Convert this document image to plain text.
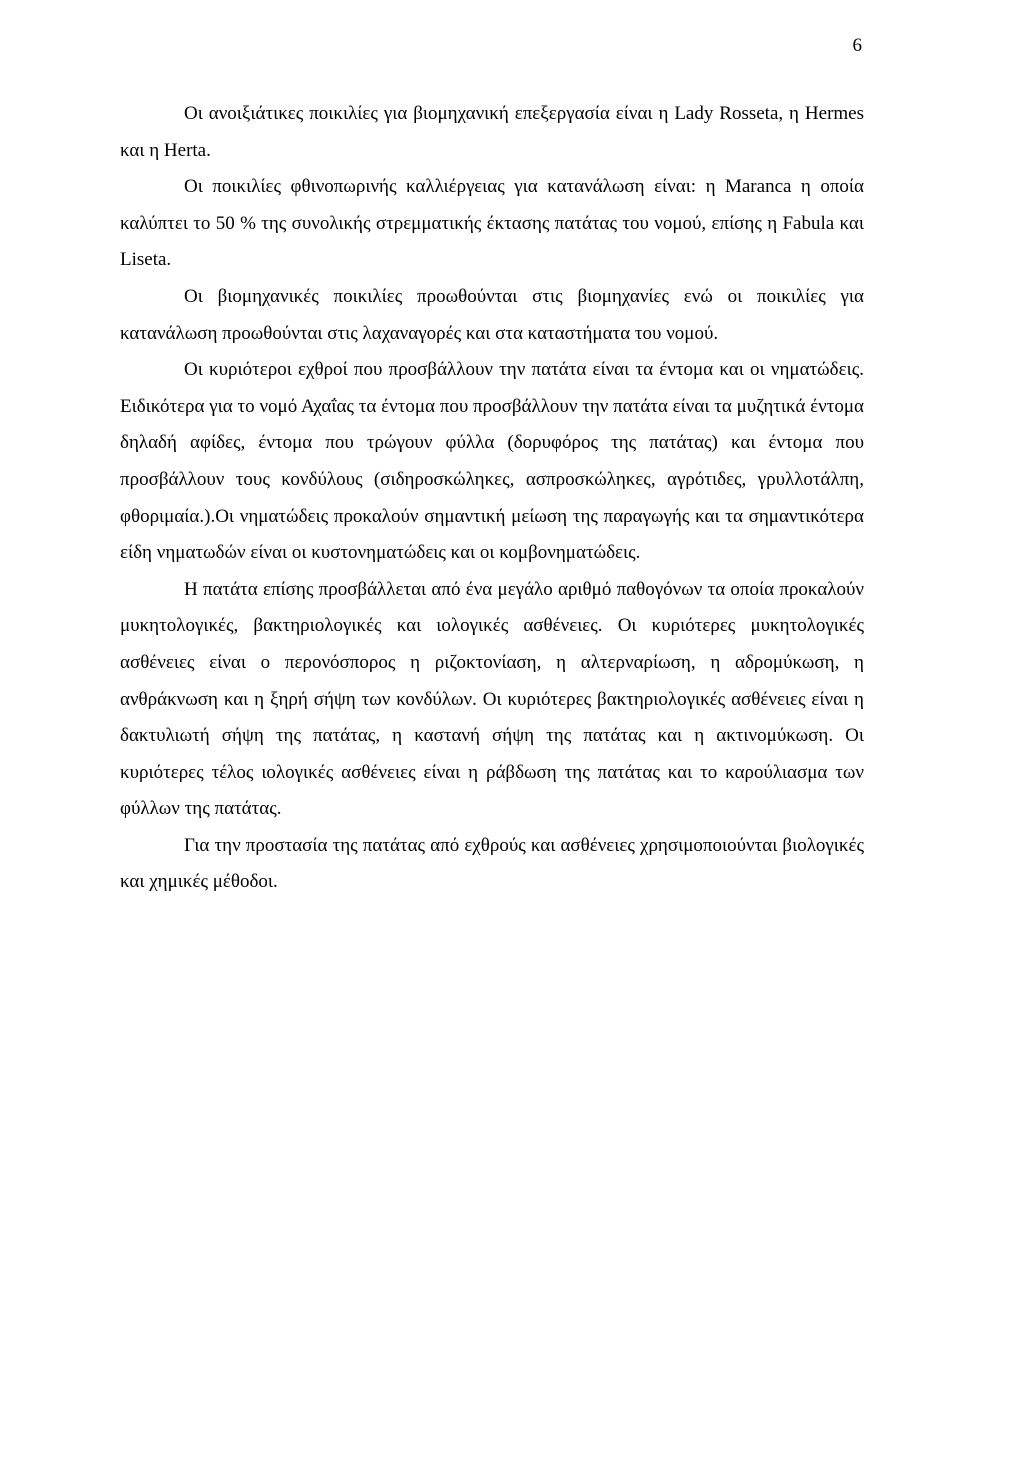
6

Οι ανοιξιάτικες ποικιλίες για βιομηχανική επεξεργασία είναι η Lady Rosseta, η Hermes και η Herta.

Οι ποικιλίες φθινοπωρινής καλλιέργειας για κατανάλωση είναι: η Maranca η οποία καλύπτει το 50 % της συνολικής στρεμματικής έκτασης πατάτας του νομού, επίσης η Fabula και Liseta.

Οι βιομηχανικές ποικιλίες προωθούνται στις βιομηχανίες ενώ οι ποικιλίες για κατανάλωση προωθούνται στις λαχαναγορές και στα καταστήματα του νομού.

Οι κυριότεροι εχθροί που προσβάλλουν την πατάτα είναι τα έντομα και οι νηματώδεις. Ειδικότερα για το νομό Αχαΐας τα έντομα που προσβάλλουν την πατάτα είναι τα μυζητικά έντομα δηλαδή αφίδες, έντομα που τρώγουν φύλλα (δορυφόρος της πατάτας) και έντομα που προσβάλλουν τους κονδύλους (σιδηροσκώληκες, ασπροσκώληκες, αγρότιδες, γρυλλοτάλπη, φθοριμαία.).Οι νηματώδεις προκαλούν σημαντική μείωση της παραγωγής και τα σημαντικότερα είδη νηματωδών είναι οι κυστονηματώδεις και οι κομβονηματώδεις.

Η πατάτα επίσης προσβάλλεται από ένα μεγάλο αριθμό παθογόνων τα οποία προκαλούν μυκητολογικές, βακτηριολογικές και ιολογικές ασθένειες. Οι κυριότερες μυκητολογικές ασθένειες είναι ο περονόσπορος η ριζοκτονίαση, η αλτερναρίωση, η αδρομύκωση, η ανθράκνωση και η ξηρή σήψη των κονδύλων. Οι κυριότερες βακτηριολογικές ασθένειες είναι η δακτυλιωτή σήψη της πατάτας, η καστανή σήψη της πατάτας και η ακτινομύκωση. Οι κυριότερες τέλος ιολογικές ασθένειες είναι η ράβδωση της πατάτας και το καρούλιασμα των φύλλων της πατάτας.

Για την προστασία της πατάτας από εχθρούς και ασθένειες χρησιμοποιούνται βιολογικές και χημικές μέθοδοι.
